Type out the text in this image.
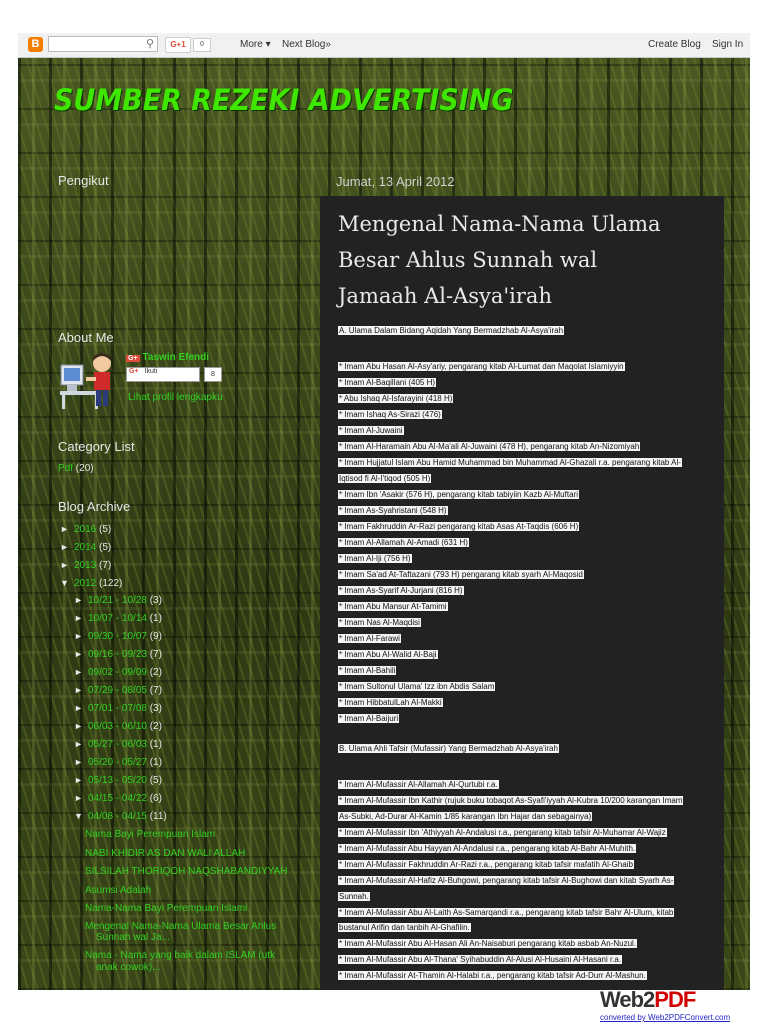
B	⚲	G+1	0	More ▾ Next Blog»	Create Blog Sign In
SUMBER REZEKI ADVERTISING
Pengikut
About Me
G+ Taswin Efendi
G+ Ikuti	8
Lihat profil lengkapku
Category List
Pdf (20)
Blog Archive
► 2016 (5)
► 2014 (5)
► 2013 (7)
▼ 2012 (122)
► 10/21 - 10/28 (3)
► 10/07 - 10/14 (1)
► 09/30 - 10/07 (9)
► 09/16 - 09/23 (7)
► 09/02 - 09/09 (2)
► 07/29 - 08/05 (7)
► 07/01 - 07/08 (3)
► 06/03 - 06/10 (2)
► 05/27 - 06/03 (1)
► 05/20 - 05/27 (1)
► 05/13 - 05/20 (5)
► 04/15 - 04/22 (6)
▼ 04/08 - 04/15 (11)
Nama Bayi Perempuan Islam
NABI KHIDIR AS DAN WALI ALLAH
SILSILAH THORIQOH NAQSHABANDIYYAH
Asumsi Adalah
Nama-Nama Bayi Perempuan Islami
Mengenal Nama-Nama Ulama Besar Ahlus
Sunnah wal Ja...
Nama - Nama yang baik dalam ISLAM (utk
anak cowok)...
Jumat, 13 April 2012
Mengenal Nama-Nama Ulama
Besar Ahlus Sunnah wal
Jamaah Al-Asya'irah
A. Ulama Dalam Bidang Aqidah Yang Bermadzhab Al-Asya'irah
* Imam Abu Hasan Al-Asy'ariy, pengarang kitab Al-Lumat dan Maqolat Islamiyyin
* Imam Al-Baqillani (405 H)
* Abu Ishaq Al-Isfarayini (418 H)
* Imam Ishaq As-Sirazi (476)
* Imam Al-Juwaini
* Imam Al-Haramain Abu Al-Ma'ali Al-Juwaini (478 H), pengarang kitab An-Nizomiyah
* Imam Hujjatul Islam Abu Hamid Muhammad bin Muhammad Al-Ghazali r.a. pengarang kitab Al-
Iqtisod fi Al-I'tiqod (505 H)
* Imam Ibn 'Asakir (576 H), pengarang kitab tabiyiin Kazb Al-Muftari
* Imam As-Syahristani (548 H)
* Imam Fakhruddin Ar-Razi pengarang kitab Asas At-Taqdis (606 H)
* Imam Al-Allamah Al-Amadi (631 H)
* Imam Al-Iji (756 H)
* Imam Sa'ad At-Taftazani (793 H) pengarang kitab syarh Al-Maqosid
* Imam As-Syarif Al-Jurjani (816 H)
* Imam Abu Mansur At-Tamimi
* Imam Nas Al-Maqdisi
* Imam Al-Farawi
* Imam Abu Al-Walid Al-Baji
* Imam Al-Bahili
* Imam Sultonul Ulama' Izz ibn Abdis Salam
* Imam HibbatulLah Al-Makki
* Imam Al-Baijuri
B. Ulama Ahli Tafsir (Mufassir) Yang Bermadzhab Al-Asya'irah
* Imam Al-Mufassir Al-Allamah Al-Qurtubi r.a.
* Imam Al-Mufassir Ibn Kathir (rujuk buku tobaqot As-Syafi'iyyah Al-Kubra 10/200 karangan Imam
As-Subki, Ad-Durar Al-Kamin 1/85 karangan Ibn Hajar dan sebagainya)
* Imam Al-Mufassir Ibn 'Athiyyah Al-Andalusi r.a., pengarang kitab tafsir Al-Muharrar Al-Wajiz
* Imam Al-Mufassir Abu Hayyan Al-Andalusi r.a., pengarang kitab Al-Bahr Al-Muhith.
* Imam Al-Mufassir Fakhruddin Ar-Razi r.a., pengarang kitab tafsir mafatih Al-Ghaib
* Imam Al-Mufassir Al-Hafiz Al-Buhgowi, pengarang kitab tafsir Al-Bughowi dan kitab Syarh As-
Sunnah.
* Imam Al-Mufassir Abu Al-Laith As-Samarqandi r.a., pengarang kitab tafsir Bahr Al-Ulum, kitab
bustanul Arifin dan tanbih Al-Ghafilin.
* Imam Al-Mufassir Abu Al-Hasan Ali An-Naisaburi pengarang kitab asbab An-Nuzul.
* Imam Al-Mufassir Abu Al-Thana' Syihabuddin Al-Alusi Al-Husaini Al-Hasani r.a.
* Imam Al-Mufassir At-Thamin Al-Halabi r.a., pengarang kitab tafsir Ad-Durr Al-Mashun.
Web2PDF
converted by Web2PDFConvert.com
